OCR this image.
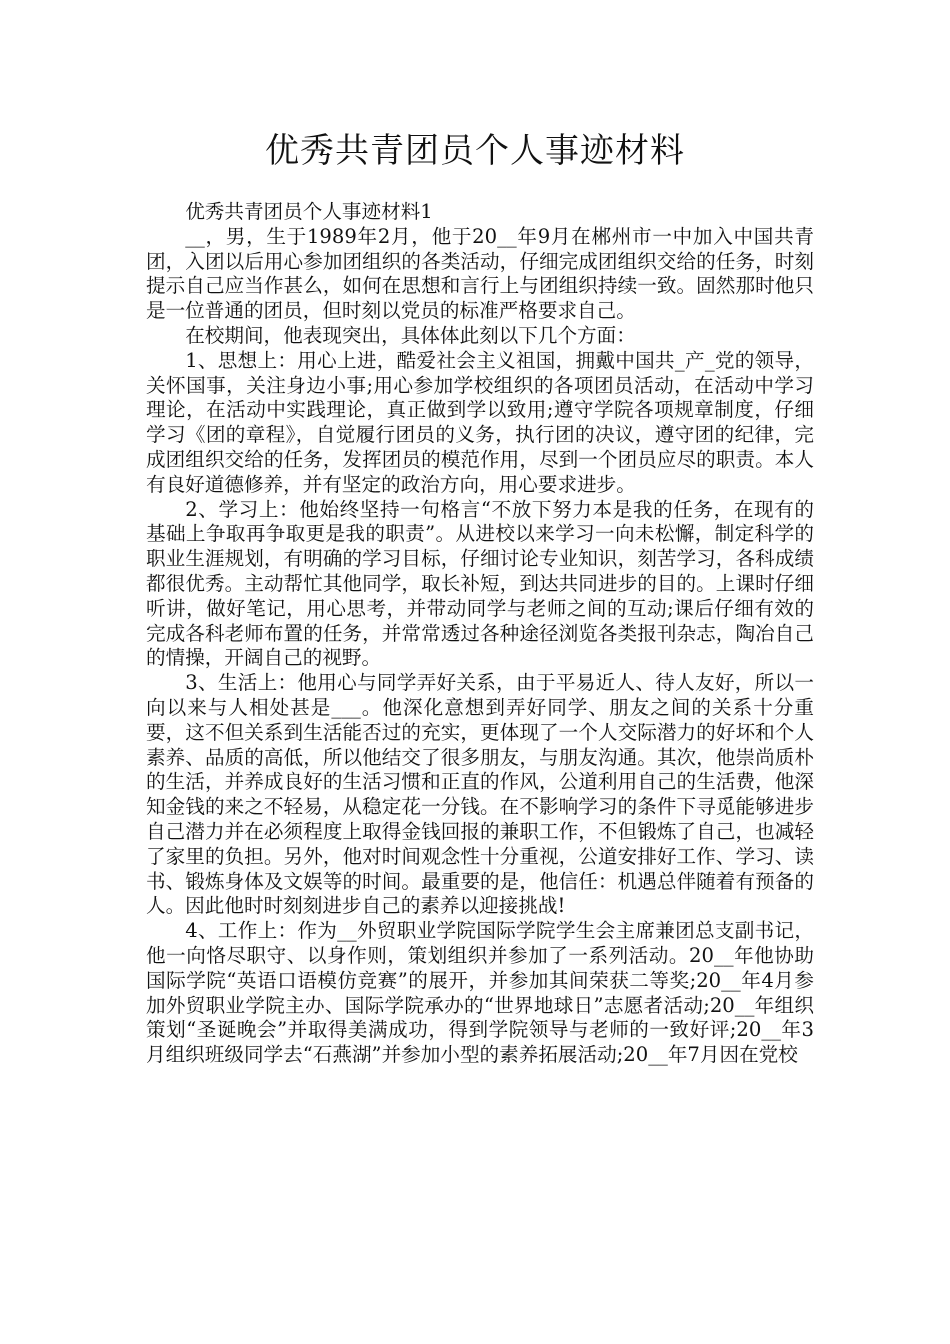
优秀共青团员个人事迹材料

优秀共青团员个人事迹材料1

__，男，生于1989年2月，他于20__年9月在郴州市一中加入中国共青团，入团以后用心参加团组织的各类活动，仔细完成团组织交给的任务，时刻提示自己应当作甚么，如何在思想和言行上与团组织持续一致。固然那时他只是一位普通的团员，但时刻以党员的标准严格要求自己。

在校期间，他表现突出，具体体此刻以下几个方面：

1、思想上：用心上进，酷爱社会主义祖国，拥戴中国共_产_党的领导，关怀国事，关注身边小事;用心参加学校组织的各项团员活动，在活动中学习理论，在活动中实践理论，真正做到学以致用;遵守学院各项规章制度，仔细学习《团的章程》，自觉履行团员的义务，执行团的决议，遵守团的纪律，完成团组织交给的任务，发挥团员的模范作用，尽到一个团员应尽的职责。本人有良好道德修养，并有坚定的政治方向，用心要求进步。

2、学习上：他始终坚持一句格言“不放下努力本是我的任务，在现有的基础上争取再争取更是我的职责”。从进校以来学习一向未松懈，制定科学的职业生涯规划，有明确的学习目标，仔细讨论专业知识，刻苦学习，各科成绩都很优秀。主动帮忙其他同学，取长补短，到达共同进步的目的。上课时仔细听讲，做好笔记，用心思考，并带动同学与老师之间的互动;课后仔细有效的完成各科老师布置的任务，并常常透过各种途径浏览各类报刊杂志，陶冶自己的情操，开阔自己的视野。

3、生活上：他用心与同学弄好关系，由于平易近人、待人友好，所以一向以来与人相处甚是___。他深化意想到弄好同学、朋友之间的关系十分重要，这不但关系到生活能否过的充实，更体现了一个人交际潜力的好坏和个人素养、品质的高低，所以他结交了很多朋友，与朋友沟通。其次，他崇尚质朴的生活，并养成良好的生活习惯和正直的作风，公道利用自己的生活费，他深知金钱的来之不轻易，从稳定花一分钱。在不影响学习的条件下寻觅能够进步自己潜力并在必须程度上取得金钱回报的兼职工作，不但锻炼了自己，也减轻了家里的负担。另外，他对时间观念性十分重视，公道安排好工作、学习、读书、锻炼身体及文娱等的时间。最重要的是，他信任：机遇总伴随着有预备的人。因此他时时刻刻进步自己的素养以迎接挑战!

4、工作上：作为__外贸职业学院国际学院学生会主席兼团总支副书记，他一向恪尽职守、以身作则，策划组织并参加了一系列活动。20__年他协助国际学院“英语口语模仿竞赛”的展开，并参加其间荣获二等奖;20__年4月参加外贸职业学院主办、国际学院承办的“世界地球日”志愿者活动;20__年组织策划“圣诞晚会”并取得美满成功，得到学院领导与老师的一致好评;20__年3月组织班级同学去“石燕湖”并参加小型的素养拓展活动;20__年7月因在党校
